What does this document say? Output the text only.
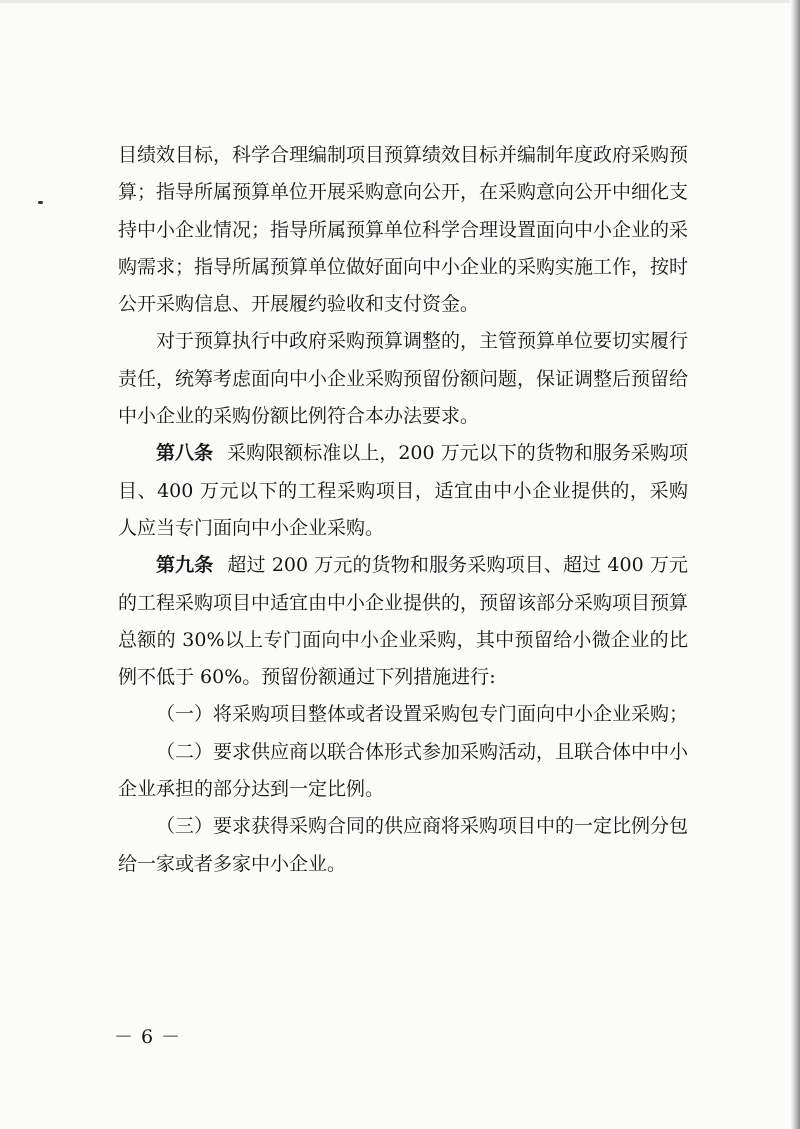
目绩效目标，科学合理编制项目预算绩效目标并编制年度政府采购预算；指导所属预算单位开展采购意向公开，在采购意向公开中细化支持中小企业情况；指导所属预算单位科学合理设置面向中小企业的采购需求；指导所属预算单位做好面向中小企业的采购实施工作，按时公开采购信息、开展履约验收和支付资金。

对于预算执行中政府采购预算调整的，主管预算单位要切实履行责任，统筹考虑面向中小企业采购预留份额问题，保证调整后预留给中小企业的采购份额比例符合本办法要求。

第八条 采购限额标准以上，200 万元以下的货物和服务采购项目、400 万元以下的工程采购项目，适宜由中小企业提供的，采购人应当专门面向中小企业采购。

第九条 超过 200 万元的货物和服务采购项目、超过 400 万元的工程采购项目中适宜由中小企业提供的，预留该部分采购项目预算总额的 30%以上专门面向中小企业采购，其中预留给小微企业的比例不低于 60%。预留份额通过下列措施进行:

（一）将采购项目整体或者设置采购包专门面向中小企业采购；

（二）要求供应商以联合体形式参加采购活动，且联合体中中小企业承担的部分达到一定比例。

（三）要求获得采购合同的供应商将采购项目中的一定比例分包给一家或者多家中小企业。

－ 6 －
